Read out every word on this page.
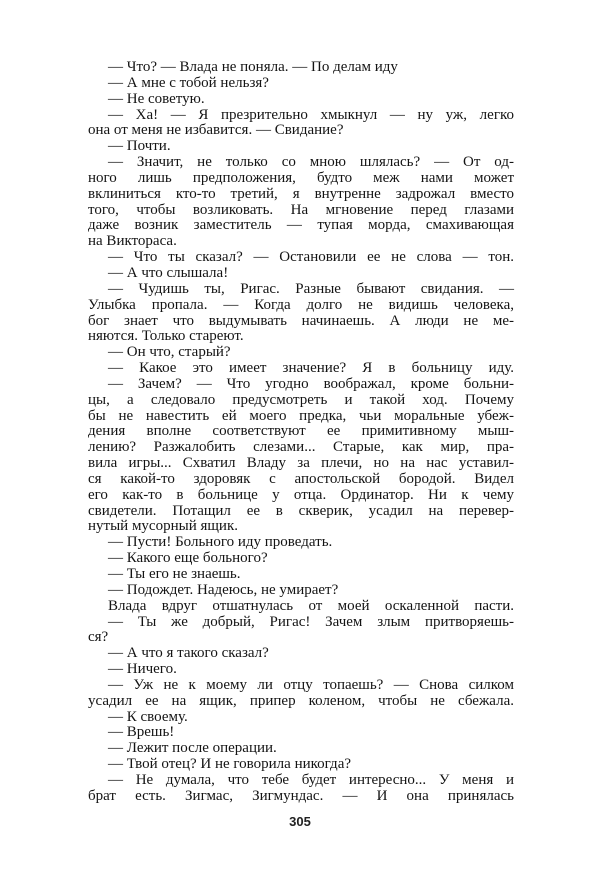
— Что? — Влада не поняла. — По делам иду
— А мне с тобой нельзя?
— Не советую.
— Ха! — Я презрительно хмыкнул — ну уж, легко
она от меня не избавится. — Свидание?
— Почти.
— Значит, не только со мною шлялась? — От од-
ного лишь предположения, будто меж нами может
вклиниться кто-то третий, я внутренне задрожал вместо
того, чтобы возликовать. На мгновение перед глазами
даже возник заместитель — тупая морда, смахивающая
на Виктораса.
— Что ты сказал? — Остановили ее не слова — тон.
— А что слышала!
— Чудишь ты, Ригас. Разные бывают свидания. —
Улыбка пропала. — Когда долго не видишь человека,
бог знает что выдумывать начинаешь. А люди не ме-
няются. Только стареют.
— Он что, старый?
— Какое это имеет значение? Я в больницу иду.
— Зачем? — Что угодно воображал, кроме больни-
цы, а следовало предусмотреть и такой ход. Почему
бы не навестить ей моего предка, чьи моральные убеж-
дения вполне соответствуют ее примитивному мыш-
лению? Разжалобить слезами... Старые, как мир, пра-
вила игры... Схватил Владу за плечи, но на нас уставил-
ся какой-то здоровяк с апостольской бородой. Видел
его как-то в больнице у отца. Ординатор. Ни к чему
свидетели. Потащил ее в скверик, усадил на перевер-
нутый мусорный ящик.
— Пусти! Больного иду проведать.
— Какого еще больного?
— Ты его не знаешь.
— Подождет. Надеюсь, не умирает?
Влада вдруг отшатнулась от моей оскаленной пасти.
— Ты же добрый, Ригас! Зачем злым притворяешь-
ся?
— А что я такого сказал?
— Ничего.
— Уж не к моему ли отцу топаешь? — Снова силком
усадил ее на ящик, припер коленом, чтобы не сбежала.
— К своему.
— Врешь!
— Лежит после операции.
— Твой отец? И не говорила никогда?
— Не думала, что тебе будет интересно... У меня и
брат есть. Зигмас, Зигмундас. — И она принялась
305
